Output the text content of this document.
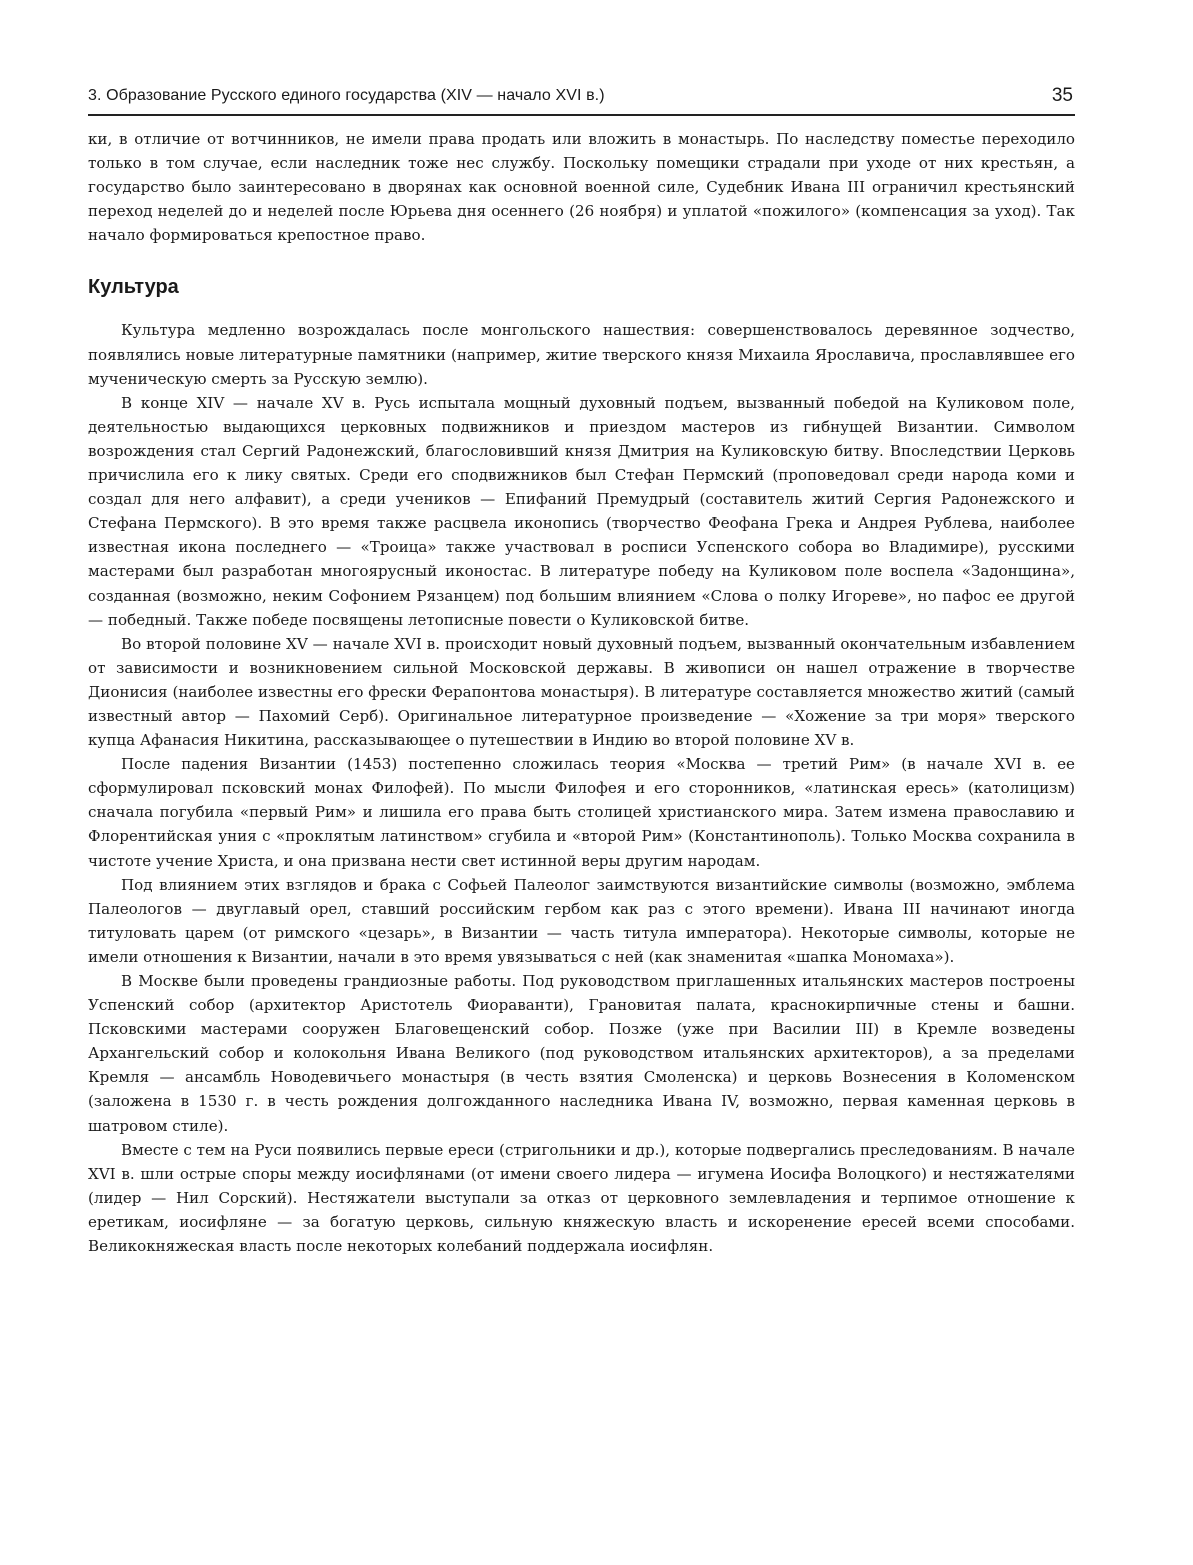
3. Образование Русского единого государства (XIV — начало XVI в.)	35

ки, в отличие от вотчинников, не имели права продать или вложить в монастырь. По наследству поместье переходило только в том случае, если наследник тоже нес службу. Поскольку помещики страдали при уходе от них крестьян, а государство было заинтересовано в дворянах как основной военной силе, Судебник Ивана III ограничил крестьянский переход неделей до и неделей после Юрьева дня осеннего (26 ноября) и уплатой «пожилого» (компенсация за уход). Так начало формироваться крепостное право.

Культура

Культура медленно возрождалась после монгольского нашествия: совершенствовалось деревянное зодчество, появлялись новые литературные памятники (например, житие тверского князя Михаила Ярославича, прославлявшее его мученическую смерть за Русскую землю).

В конце XIV — начале XV в. Русь испытала мощный духовный подъем, вызванный победой на Куликовом поле, деятельностью выдающихся церковных подвижников и приездом мастеров из гибнущей Византии. Символом возрождения стал Сергий Радонежский, благословивший князя Дмитрия на Куликовскую битву. Впоследствии Церковь причислила его к лику святых. Среди его сподвижников был Стефан Пермский (проповедовал среди народа коми и создал для него алфавит), а среди учеников — Епифаний Премудрый (составитель житий Сергия Радонежского и Стефана Пермского). В это время также расцвела иконопись (творчество Феофана Грека и Андрея Рублева, наиболее известная икона последнего — «Троица» также участвовал в росписи Успенского собора во Владимире), русскими мастерами был разработан многоярусный иконостас. В литературе победу на Куликовом поле воспела «Задонщина», созданная (возможно, неким Софонием Рязанцем) под большим влиянием «Слова о полку Игореве», но пафос ее другой — победный. Также победе посвящены летописные повести о Куликовской битве.

Во второй половине XV — начале XVI в. происходит новый духовный подъем, вызванный окончательным избавлением от зависимости и возникновением сильной Московской державы. В живописи он нашел отражение в творчестве Дионисия (наиболее известны его фрески Ферапонтова монастыря). В литературе составляется множество житий (самый известный автор — Пахомий Серб). Оригинальное литературное произведение — «Хожение за три моря» тверского купца Афанасия Никитина, рассказывающее о путешествии в Индию во второй половине XV в.

После падения Византии (1453) постепенно сложилась теория «Москва — третий Рим» (в начале XVI в. ее сформулировал псковский монах Филофей). По мысли Филофея и его сторонников, «латинская ересь» (католицизм) сначала погубила «первый Рим» и лишила его права быть столицей христианского мира. Затем измена православию и Флорентийская уния с «проклятым латинством» сгубила и «второй Рим» (Константинополь). Только Москва сохранила в чистоте учение Христа, и она призвана нести свет истинной веры другим народам.

Под влиянием этих взглядов и брака с Софьей Палеолог заимствуются византийские символы (возможно, эмблема Палеологов — двуглавый орел, ставший российским гербом как раз с этого времени). Ивана III начинают иногда титуловать царем (от римского «цезарь», в Византии — часть титула императора). Некоторые символы, которые не имели отношения к Византии, начали в это время увязываться с ней (как знаменитая «шапка Мономаха»).

В Москве были проведены грандиозные работы. Под руководством приглашенных итальянских мастеров построены Успенский собор (архитектор Аристотель Фиораванти), Грановитая палата, краснокирпичные стены и башни. Псковскими мастерами сооружен Благовещенский собор. Позже (уже при Василии III) в Кремле возведены Архангельский собор и колокольня Ивана Великого (под руководством итальянских архитекторов), а за пределами Кремля — ансамбль Новодевичьего монастыря (в честь взятия Смоленска) и церковь Вознесения в Коломенском (заложена в 1530 г. в честь рождения долгожданного наследника Ивана IV, возможно, первая каменная церковь в шатровом стиле).

Вместе с тем на Руси появились первые ереси (стригольники и др.), которые подвергались преследованиям. В начале XVI в. шли острые споры между иосифлянами (от имени своего лидера — игумена Иосифа Волоцкого) и нестяжателями (лидер — Нил Сорский). Нестяжатели выступали за отказ от церковного землевладения и терпимое отношение к еретикам, иосифляне — за богатую церковь, сильную княжескую власть и искоренение ересей всеми способами. Великокняжеская власть после некоторых колебаний поддержала иосифлян.
